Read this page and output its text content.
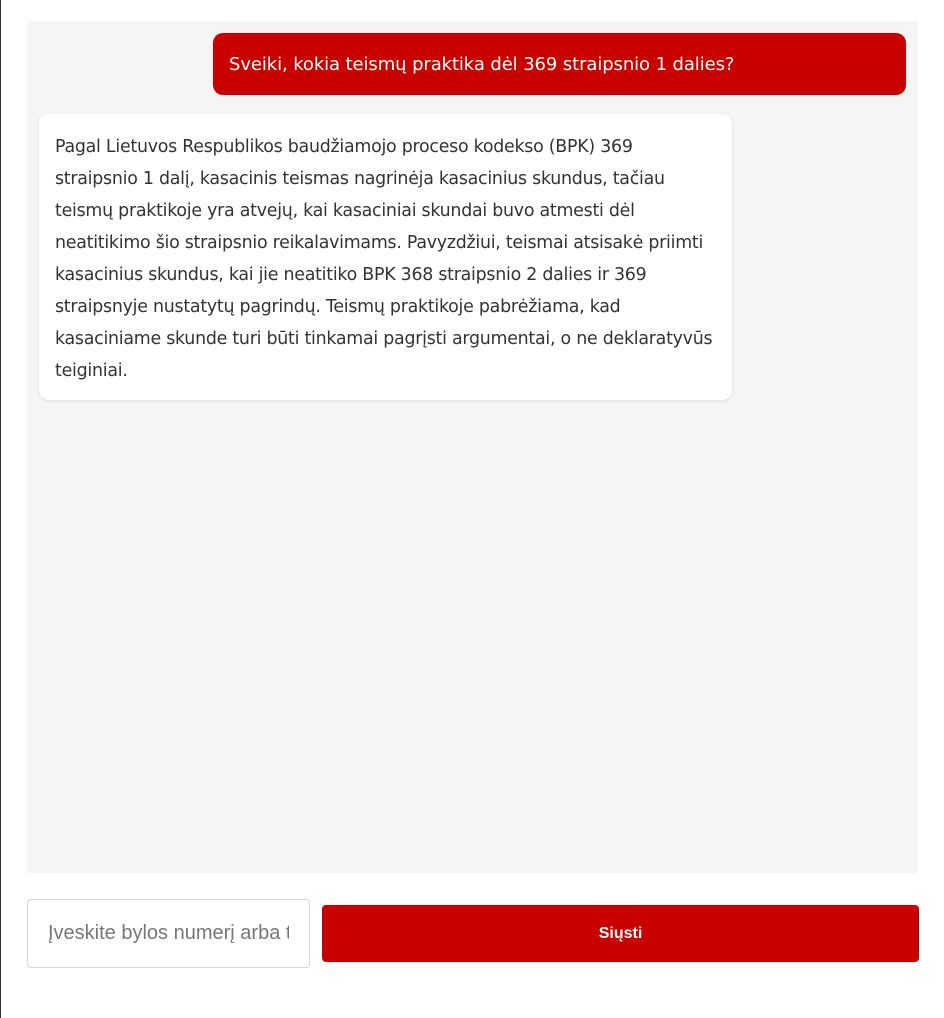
Sveiki, kokia teismų praktika dėl 369 straipsnio 1 dalies?
Pagal Lietuvos Respublikos baudžiamojo proceso kodekso (BPK) 369 straipsnio 1 dalį, kasacinis teismas nagrinėja kasacinius skundus, tačiau teismų praktikoje yra atvejų, kai kasaciniai skundai buvo atmesti dėl neatitikimo šio straipsnio reikalavimams. Pavyzdžiui, teismai atsisakė priimti kasacinius skundus, kai jie neatitiko BPK 368 straipsnio 2 dalies ir 369 straipsnyje nustatytų pagrindų. Teismų praktikoje pabrėžiama, kad kasaciniame skunde turi būti tinkamai pagrįsti argumentai, o ne deklaratyvūs teiginiai.
Įveskite bylos numerį arba tekstą
Siųsti
